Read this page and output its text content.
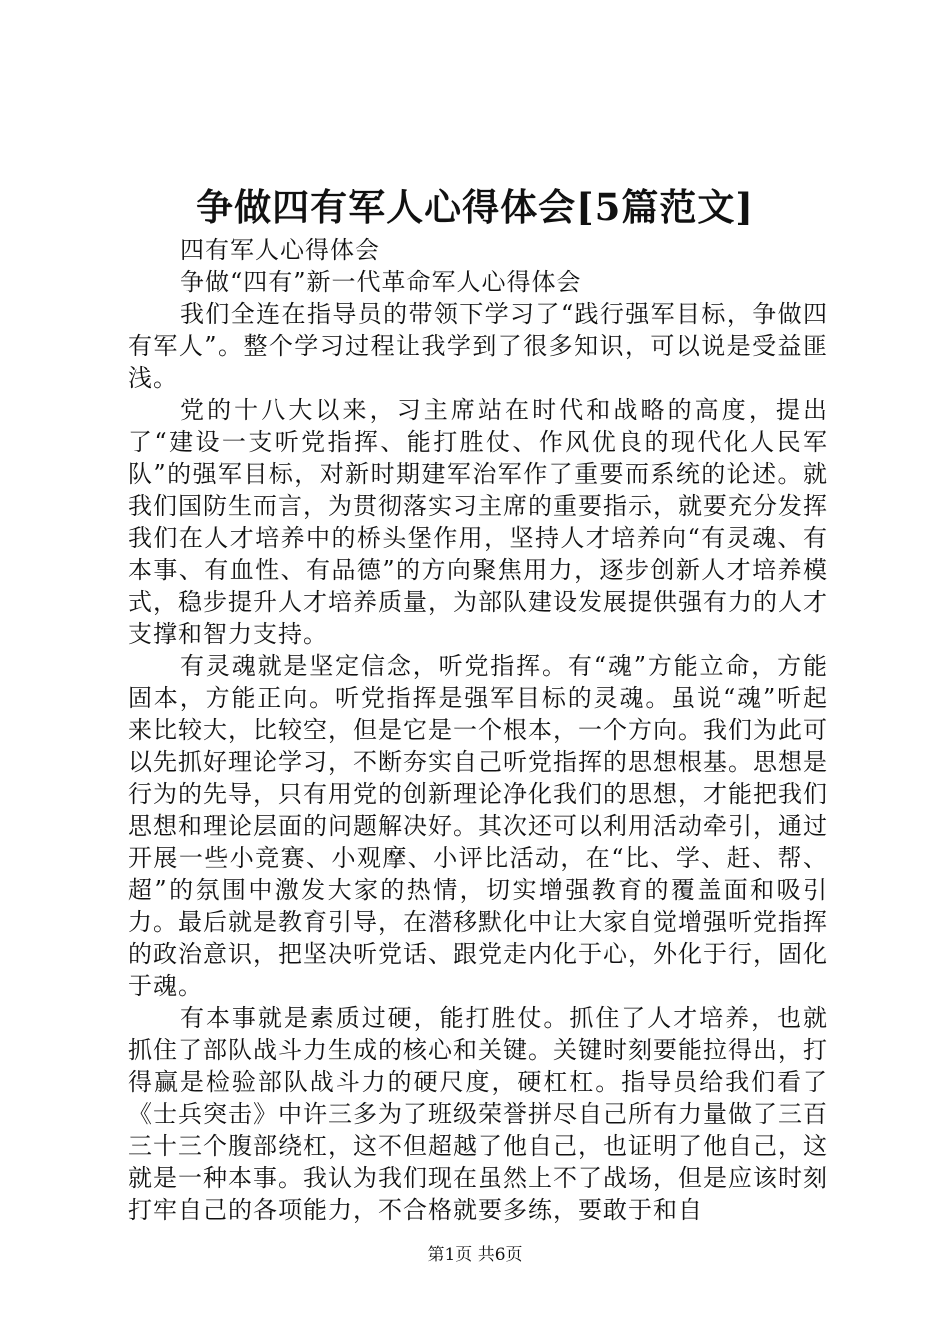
争做四有军人心得体会[5篇范文]

四有军人心得体会

争做“四有”新一代革命军人心得体会

我们全连在指导员的带领下学习了“践行强军目标，争做四有军人”。整个学习过程让我学到了很多知识，可以说是受益匪浅。

党的十八大以来，习主席站在时代和战略的高度，提出了“建设一支听党指挥、能打胜仗、作风优良的现代化人民军队”的强军目标，对新时期建军治军作了重要而系统的论述。就我们国防生而言，为贯彻落实习主席的重要指示，就要充分发挥我们在人才培养中的桥头堡作用，坚持人才培养向“有灵魂、有本事、有血性、有品德”的方向聚焦用力，逐步创新人才培养模式，稳步提升人才培养质量，为部队建设发展提供强有力的人才支撑和智力支持。

有灵魂就是坚定信念，听党指挥。有“魂”方能立命，方能固本，方能正向。听党指挥是强军目标的灵魂。虽说“魂”听起来比较大，比较空，但是它是一个根本，一个方向。我们为此可以先抓好理论学习，不断夯实自己听党指挥的思想根基。思想是行为的先导，只有用党的创新理论净化我们的思想，才能把我们思想和理论层面的问题解决好。其次还可以利用活动牵引，通过开展一些小竞赛、小观摩、小评比活动，在“比、学、赶、帮、超”的氛围中激发大家的热情，切实增强教育的覆盖面和吸引力。最后就是教育引导，在潜移默化中让大家自觉增强听党指挥的政治意识，把坚决听党话、跟党走内化于心，外化于行，固化于魂。

有本事就是素质过硬，能打胜仗。抓住了人才培养，也就抓住了部队战斗力生成的核心和关键。关键时刻要能拉得出，打得赢是检验部队战斗力的硬尺度，硬杠杠。指导员给我们看了《士兵突击》中许三多为了班级荣誉拼尽自己所有力量做了三百三十三个腹部绕杠，这不但超越了他自己，也证明了他自己，这就是一种本事。我认为我们现在虽然上不了战场，但是应该时刻打牢自己的各项能力，不合格就要多练，要敢于和自

第1页 共6页
